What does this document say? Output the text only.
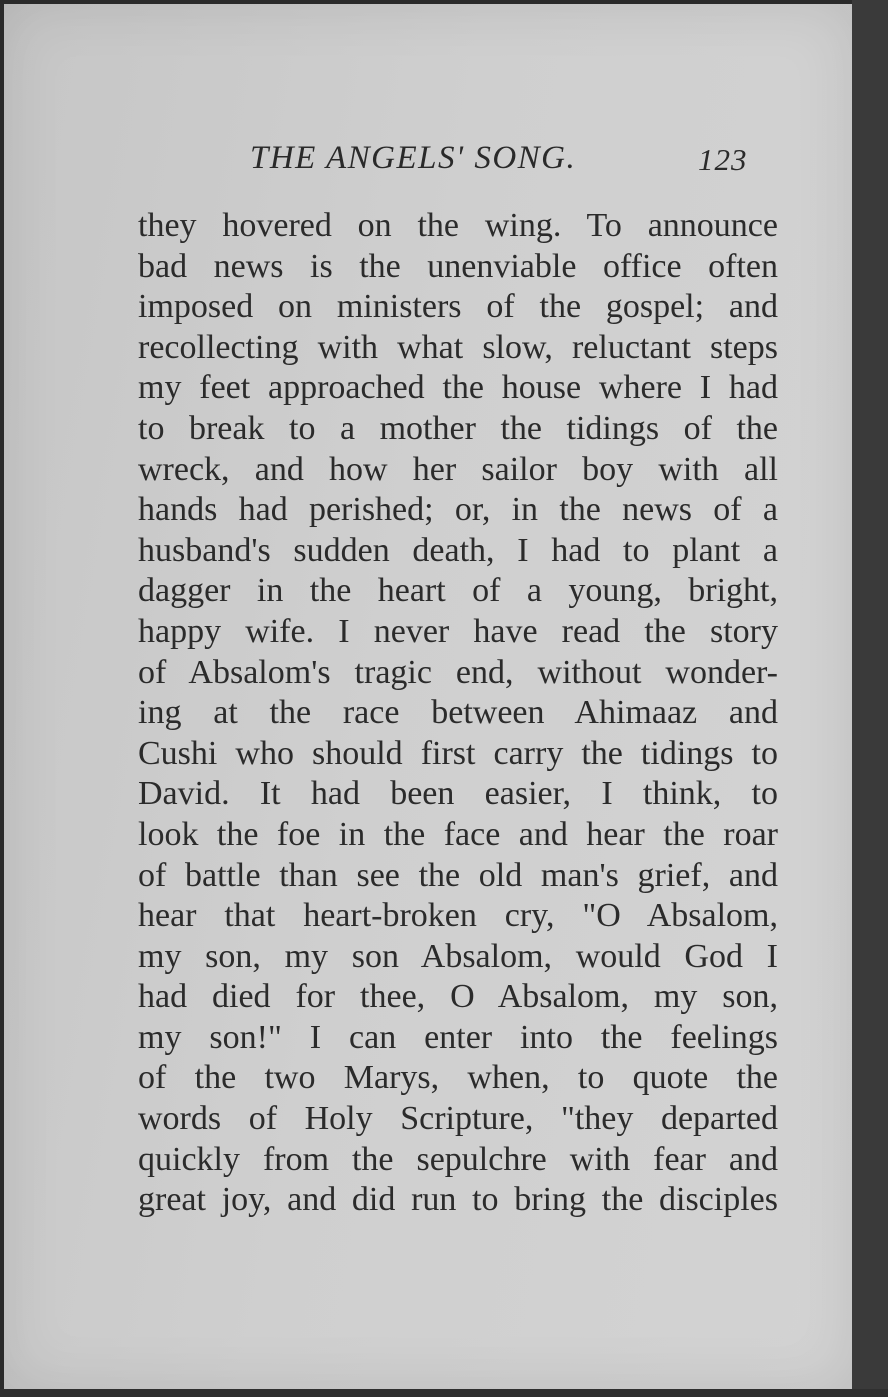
THE ANGELS' SONG.	123
they hovered on the wing. To announce
bad news is the unenviable office often
imposed on ministers of the gospel; and
recollecting with what slow, reluctant steps
my feet approached the house where I had
to break to a mother the tidings of the
wreck, and how her sailor boy with all
hands had perished; or, in the news of a
husband's sudden death, I had to plant a
dagger in the heart of a young, bright,
happy wife. I never have read the story
of Absalom's tragic end, without wonder-
ing at the race between Ahimaaz and
Cushi who should first carry the tidings to
David. It had been easier, I think, to
look the foe in the face and hear the roar
of battle than see the old man's grief, and
hear that heart-broken cry, "O Absalom,
my son, my son Absalom, would God I
had died for thee, O Absalom, my son,
my son!" I can enter into the feelings
of the two Marys, when, to quote the
words of Holy Scripture, "they departed
quickly from the sepulchre with fear and
great joy, and did run to bring the disciples
